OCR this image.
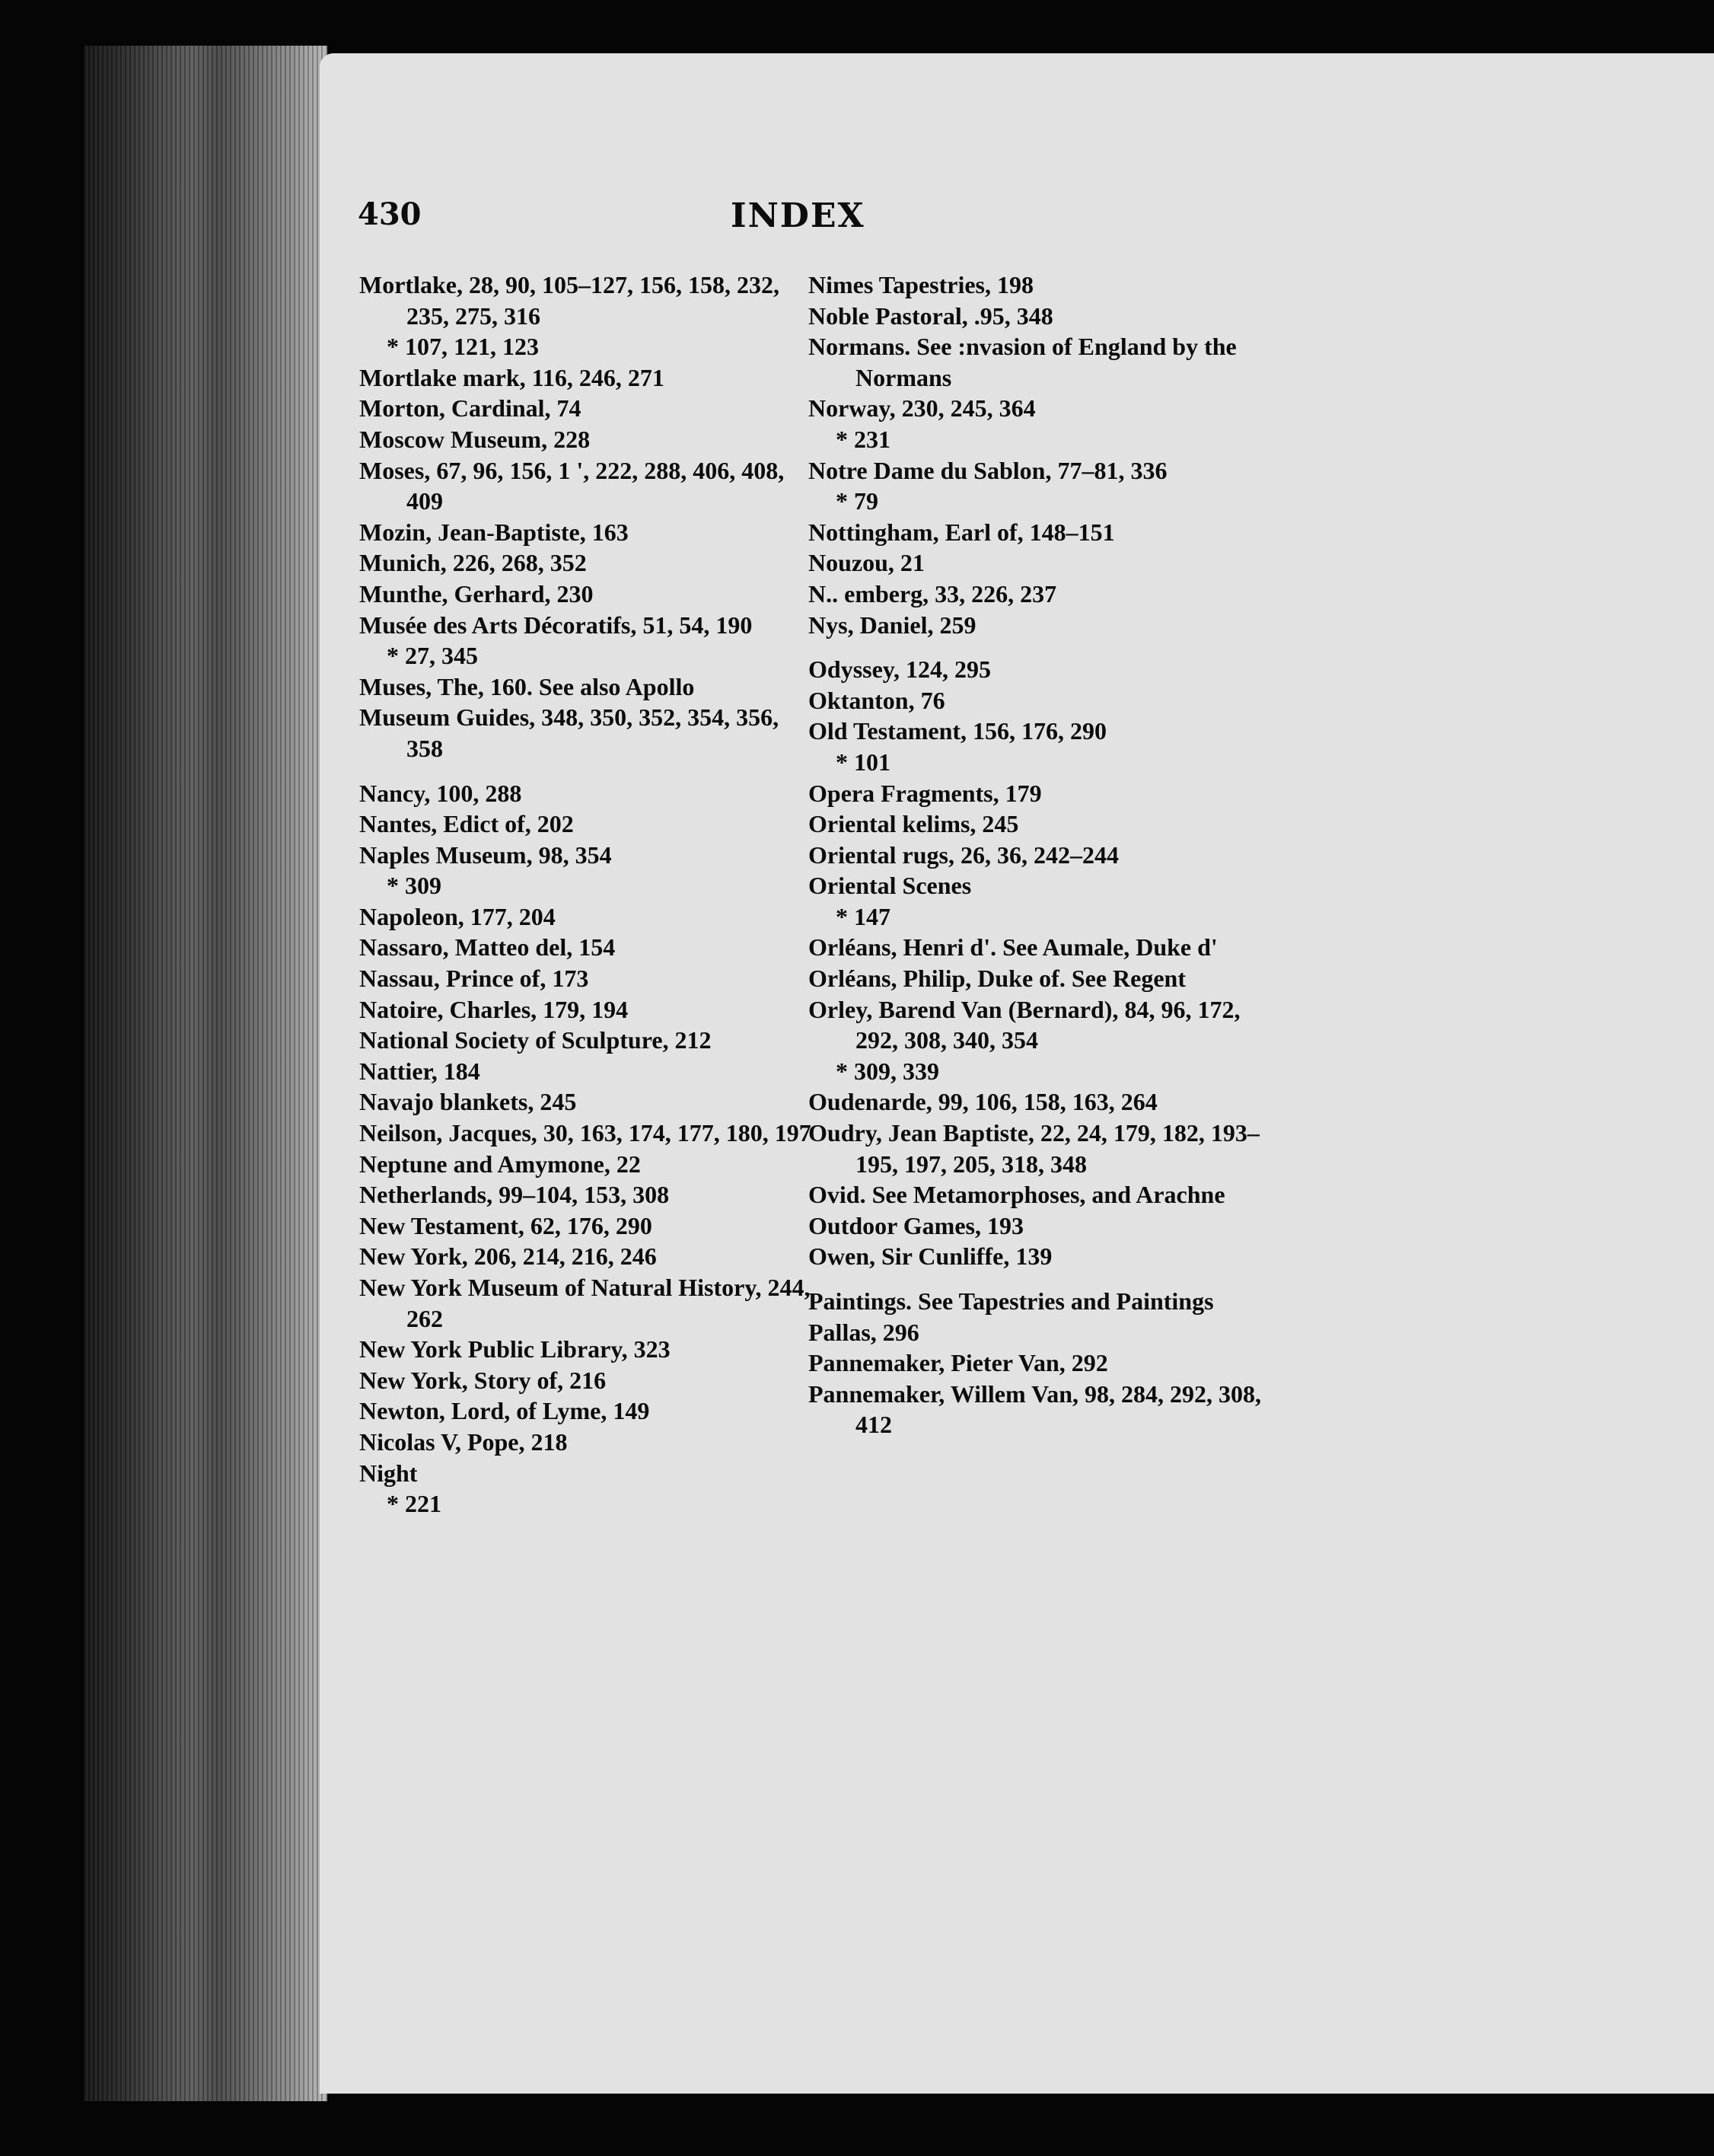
430	INDEX

Mortlake, 28, 90, 105–127, 156, 158, 232, 235, 275, 316

* 107, 121, 123

Mortlake mark, 116, 246, 271

Morton, Cardinal, 74

Moscow Museum, 228

Moses, 67, 96, 156, 1 ', 222, 288, 406, 408, 409

Mozin, Jean-Baptiste, 163

Munich, 226, 268, 352

Munthe, Gerhard, 230

Musée des Arts Décoratifs, 51, 54, 190

* 27, 345

Muses, The, 160. See also Apollo

Museum Guides, 348, 350, 352, 354, 356, 358

Nancy, 100, 288

Nantes, Edict of, 202

Naples Museum, 98, 354

* 309

Napoleon, 177, 204

Nassaro, Matteo del, 154

Nassau, Prince of, 173

Natoire, Charles, 179, 194

National Society of Sculpture, 212

Nattier, 184

Navajo blankets, 245

Neilson, Jacques, 30, 163, 174, 177, 180, 197

Neptune and Amymone, 22

Netherlands, 99–104, 153, 308

New Testament, 62, 176, 290

New York, 206, 214, 216, 246

New York Museum of Natural History, 244, 262

New York Public Library, 323

New York, Story of, 216

Newton, Lord, of Lyme, 149

Nicolas V, Pope, 218

Night

* 221

Nimes Tapestries, 198

Noble Pastoral, .95, 348

Normans. See :nvasion of England by the Normans

Norway, 230, 245, 364

* 231

Notre Dame du Sablon, 77–81, 336

* 79

Nottingham, Earl of, 148–151

Nouzou, 21

N.. emberg, 33, 226, 237

Nys, Daniel, 259

Odyssey, 124, 295

Oktanton, 76

Old Testament, 156, 176, 290

* 101

Opera Fragments, 179

Oriental kelims, 245

Oriental rugs, 26, 36, 242–244

Oriental Scenes

* 147

Orléans, Henri d'. See Aumale, Duke d'

Orléans, Philip, Duke of. See Regent

Orley, Barend Van (Bernard), 84, 96, 172, 292, 308, 340, 354

* 309, 339

Oudenarde, 99, 106, 158, 163, 264

Oudry, Jean Baptiste, 22, 24, 179, 182, 193–195, 197, 205, 318, 348

Ovid. See Metamorphoses, and Arachne

Outdoor Games, 193

Owen, Sir Cunliffe, 139

Paintings. See Tapestries and Paintings

Pallas, 296

Pannemaker, Pieter Van, 292

Pannemaker, Willem Van, 98, 284, 292, 308, 412
